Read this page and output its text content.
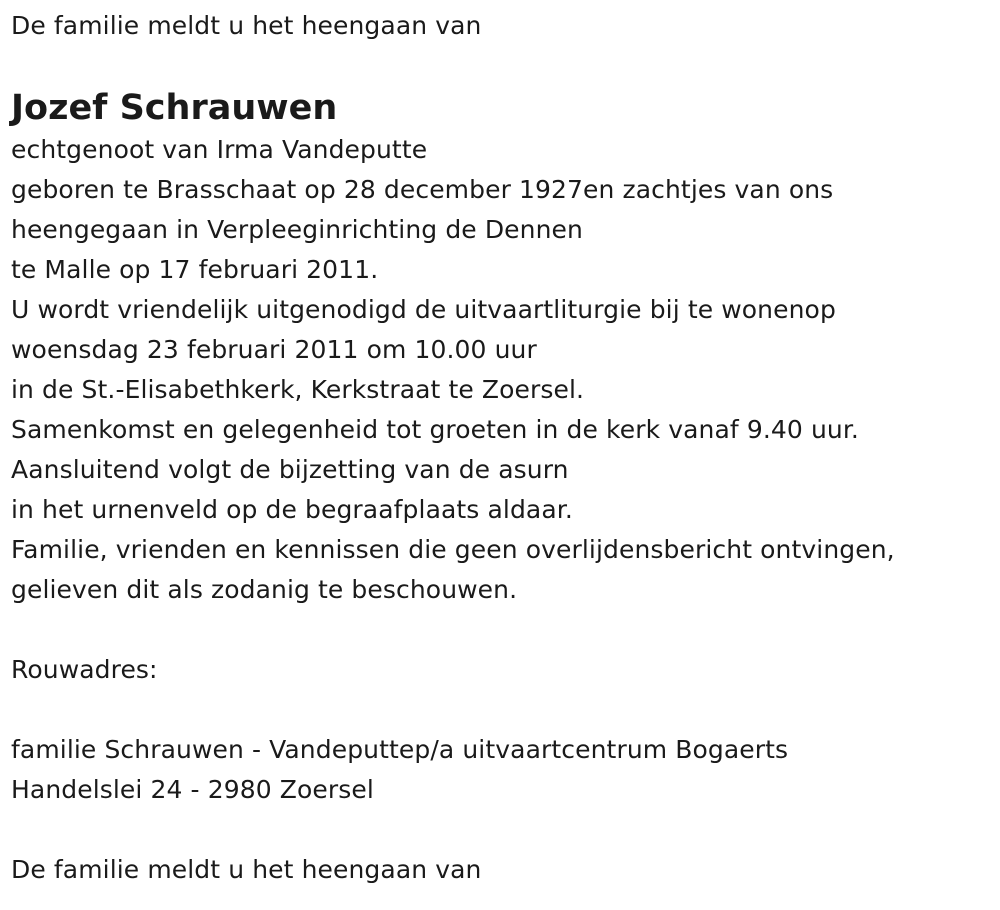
De familie meldt u het heengaan van
Jozef Schrauwen
echtgenoot van Irma Vandeputte
geboren te Brasschaat op 28 december 1927en zachtjes van ons
heengegaan in Verpleeginrichting de Dennen
te Malle op 17 februari 2011.
U wordt vriendelijk uitgenodigd de uitvaartliturgie bij te wonenop
woensdag 23 februari 2011 om 10.00 uur
in de St.-Elisabethkerk, Kerkstraat te Zoersel.
Samenkomst en gelegenheid tot groeten in de kerk vanaf 9.40 uur.
Aansluitend volgt de bijzetting van de asurn
in het urnenveld op de begraafplaats aldaar.
Familie, vrienden en kennissen die geen overlijdensbericht ontvingen,
gelieven dit als zodanig te beschouwen.
Rouwadres:
familie Schrauwen - Vandeputtep/a uitvaartcentrum Bogaerts
Handelslei 24 - 2980 Zoersel
De familie meldt u het heengaan van
